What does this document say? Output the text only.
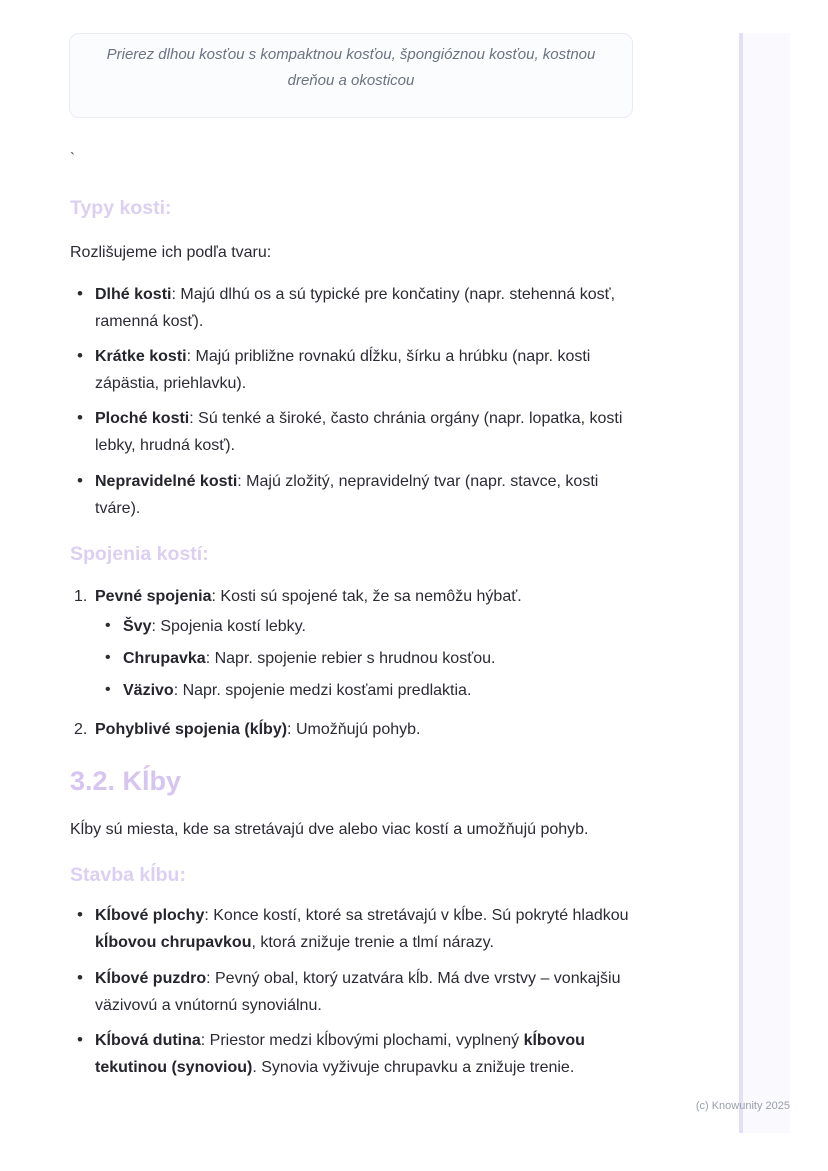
Prierez dlhou kosťou s kompaktnou kosťou, špongióznou kosťou, kostnou dreňou a okosticou
`
Typy kosti:

Rozlišujeme ich podľa tvaru:

• Dlhé kosti: Majú dlhú os a sú typické pre končatiny (napr. stehenná kosť, ramenná kosť).
• Krátke kosti: Majú približne rovnakú dĺžku, šírku a hrúbku (napr. kosti zápästia, priehlavku).
• Ploché kosti: Sú tenké a široké, často chránia orgány (napr. lopatka, kosti lebky, hrudná kosť).
• Nepravidelné kosti: Majú zložitý, nepravidelný tvar (napr. stavce, kosti tváre).
Spojenia kostí:
1. Pevné spojenia: Kosti sú spojené tak, že sa nemôžu hýbať.
• Švy: Spojenia kostí lebky.
• Chrupavka: Napr. spojenie rebier s hrudnou kosťou.
• Väzivo: Napr. spojenie medzi kosťami predlaktia.
2. Pohyblivé spojenia (kĺby): Umožňujú pohyb.
3.2. Kĺby

Kĺby sú miesta, kde sa stretávajú dve alebo viac kostí a umožňujú pohyb.

Stavba kĺbu:
• Kĺbové plochy: Konce kostí, ktoré sa stretávajú v kĺbe. Sú pokryté hladkou kĺbovou chrupavkou, ktorá znižuje trenie a tlmí nárazy.
• Kĺbové puzdro: Pevný obal, ktorý uzatvára kĺb. Má dve vrstvy – vonkajšiu väzivovú a vnútornú synoviálnu.
• Kĺbová dutina: Priestor medzi kĺbovými plochami, vyplnený kĺbovou tekutinou (synoviou). Synovia vyživuje chrupavku a znižuje trenie.
(c) Knowunity 2025
